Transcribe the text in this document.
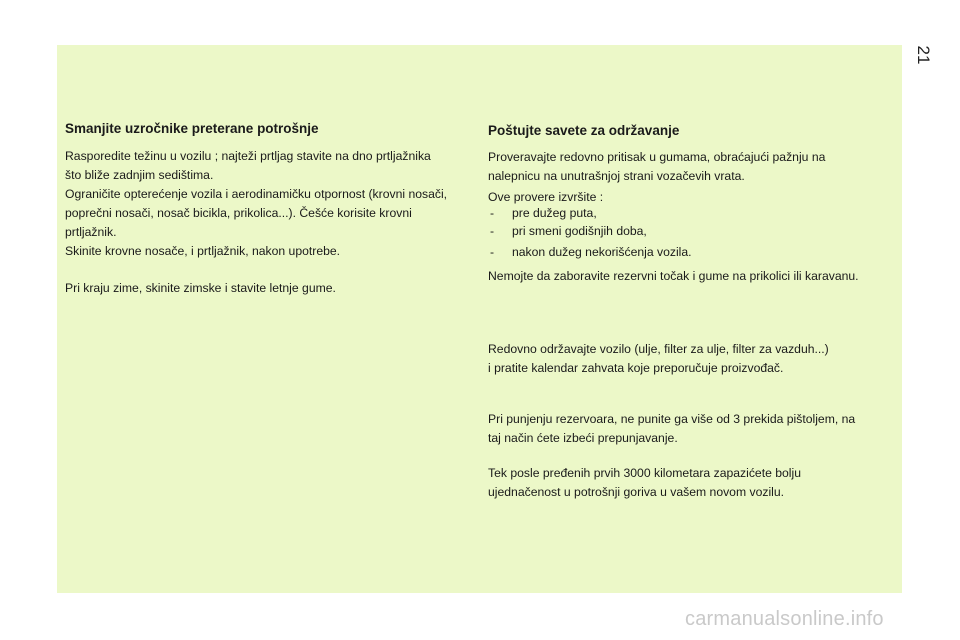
21
Smanjite uzročnike preterane potrošnje

Rasporedite težinu u vozilu ; najteži prtljag stavite na dno prtljažnika

što bliže zadnjim sedištima.

Ograničite opterećenje vozila i aerodinamičku otpornost (krovni nosači,

poprečni nosači, nosač bicikla, prikolica...). Češće korisite krovni

prtljažnik.

Skinite krovne nosače, i prtljažnik, nakon upotrebe.

Pri kraju zime, skinite zimske i stavite letnje gume.

Poštujte savete za održavanje

Proveravajte redovno pritisak u gumama, obraćajući pažnju na

nalepnicu na unutrašnjoj strani vozačevih vrata.

Ove provere izvršite :

- pre dužeg puta,
- pri smeni godišnjih doba,
- nakon dužeg nekorišćenja vozila.

Nemojte da zaboravite rezervni točak i gume na prikolici ili karavanu.

Redovno održavajte vozilo (ulje, filter za ulje, filter za vazduh...)

i pratite kalendar zahvata koje preporučuje proizvođač.

Pri punjenju rezervoara, ne punite ga više od 3 prekida pištoljem, na

taj način ćete izbeći prepunjavanje.

Tek posle pređenih prvih 3000 kilometara zapazićete bolju

ujednačenost u potrošnji goriva u vašem novom vozilu.

carmanualsonline.info
